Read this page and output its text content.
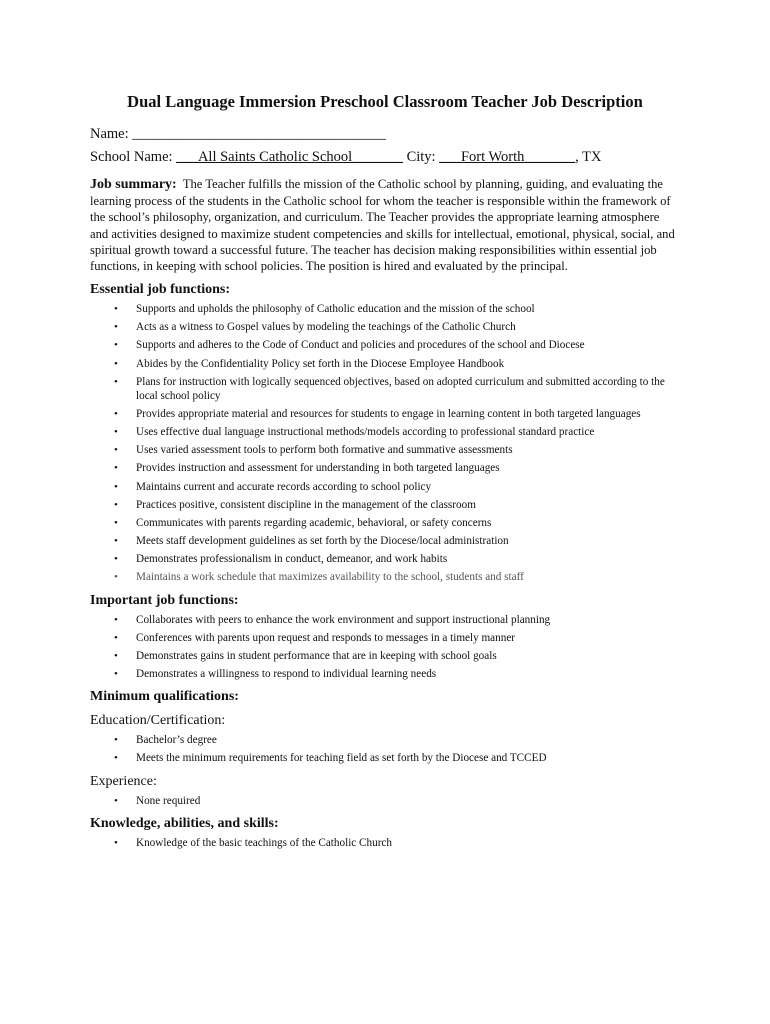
Dual Language Immersion Preschool Classroom Teacher Job Description
Name: ___________________________________
School Name: ___All Saints Catholic School_______ City: ___Fort Worth_______, TX
Job summary: The Teacher fulfills the mission of the Catholic school by planning, guiding, and evaluating the learning process of the students in the Catholic school for whom the teacher is responsible within the framework of the school’s philosophy, organization, and curriculum. The Teacher provides the appropriate learning atmosphere and activities designed to maximize student competencies and skills for intellectual, emotional, physical, social, and spiritual growth toward a successful future. The teacher has decision making responsibilities within essential job functions, in keeping with school policies. The position is hired and evaluated by the principal.
Essential job functions:
• Supports and upholds the philosophy of Catholic education and the mission of the school
• Acts as a witness to Gospel values by modeling the teachings of the Catholic Church
• Supports and adheres to the Code of Conduct and policies and procedures of the school and Diocese
• Abides by the Confidentiality Policy set forth in the Diocese Employee Handbook
• Plans for instruction with logically sequenced objectives, based on adopted curriculum and submitted according to the local school policy
• Provides appropriate material and resources for students to engage in learning content in both targeted languages
• Uses effective dual language instructional methods/models according to professional standard practice
• Uses varied assessment tools to perform both formative and summative assessments
• Provides instruction and assessment for understanding in both targeted languages
• Maintains current and accurate records according to school policy
• Practices positive, consistent discipline in the management of the classroom
• Communicates with parents regarding academic, behavioral, or safety concerns
• Meets staff development guidelines as set forth by the Diocese/local administration
• Demonstrates professionalism in conduct, demeanor, and work habits
• Maintains a work schedule that maximizes availability to the school, students and staff
Important job functions:
• Collaborates with peers to enhance the work environment and support instructional planning
• Conferences with parents upon request and responds to messages in a timely manner
• Demonstrates gains in student performance that are in keeping with school goals
• Demonstrates a willingness to respond to individual learning needs
Minimum qualifications:
Education/Certification:
• Bachelor’s degree
• Meets the minimum requirements for teaching field as set forth by the Diocese and TCCED
Experience:
• None required
Knowledge, abilities, and skills:
• Knowledge of the basic teachings of the Catholic Church
